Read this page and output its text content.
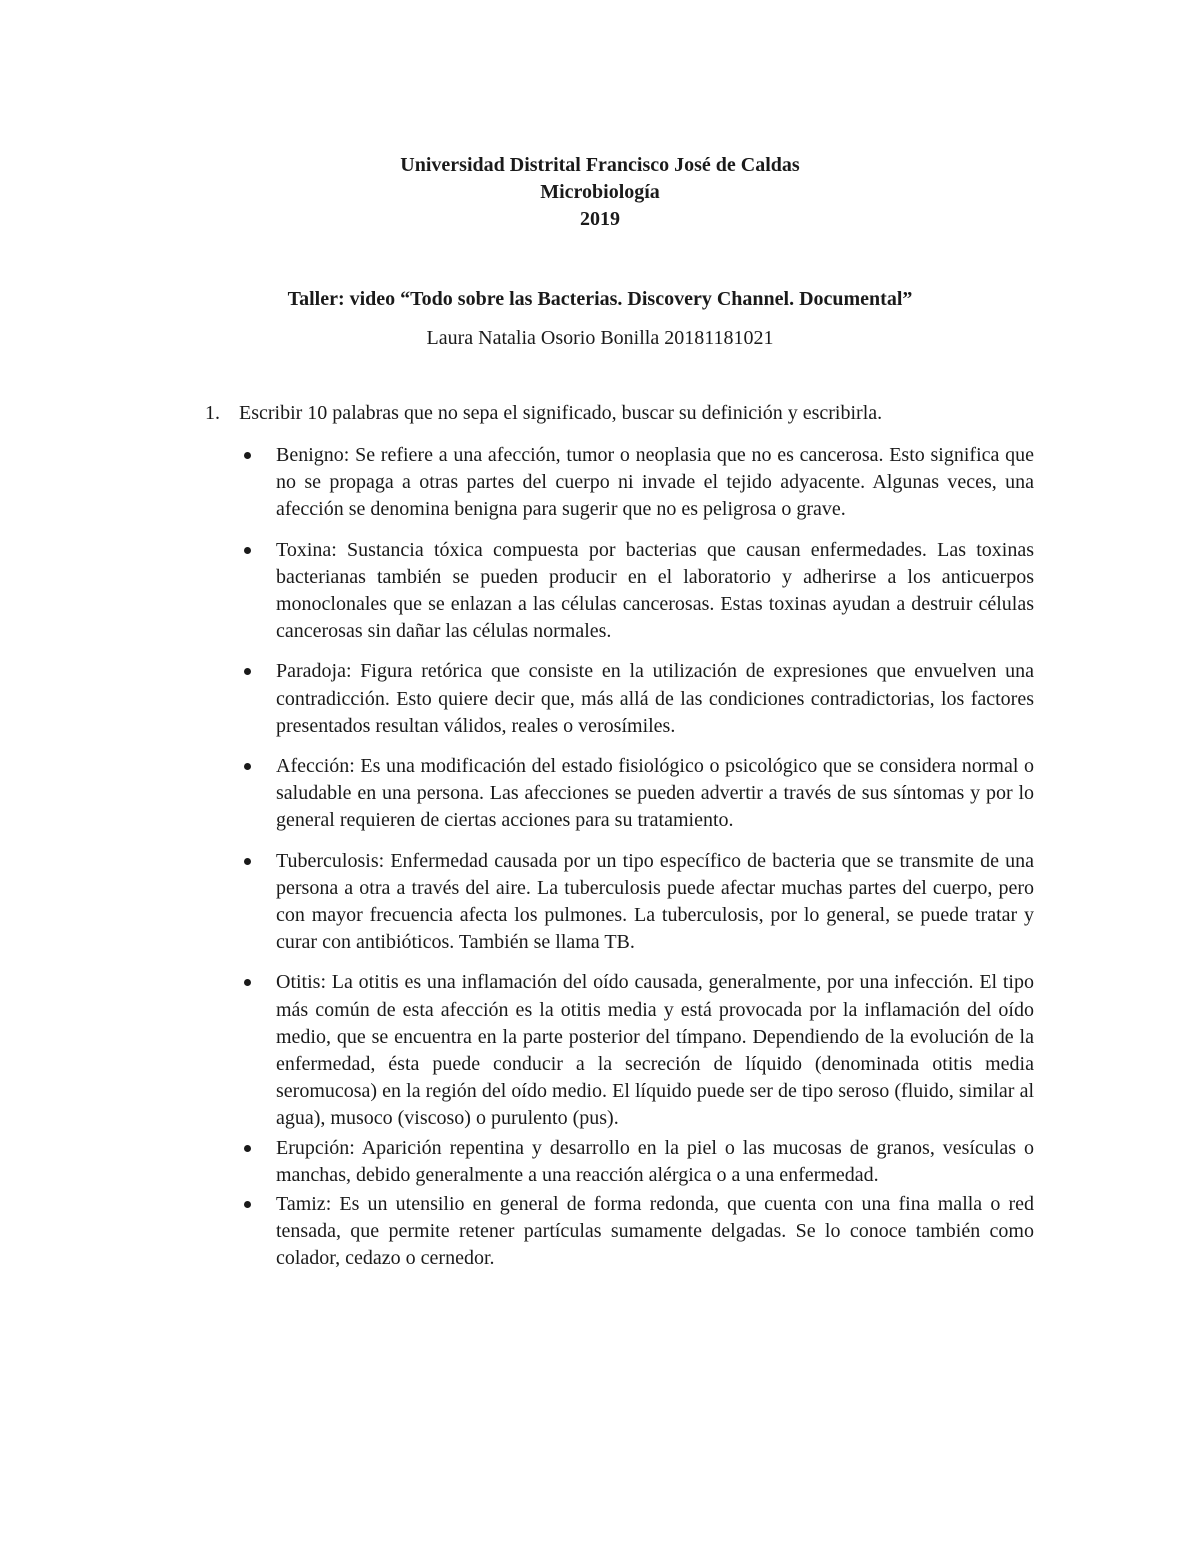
Universidad Distrital Francisco José de Caldas
Microbiología
2019
Taller: video “Todo sobre las Bacterias. Discovery Channel. Documental”
Laura Natalia Osorio Bonilla 20181181021
1. Escribir 10 palabras que no sepa el significado, buscar su definición y escribirla.
Benigno: Se refiere a una afección, tumor o neoplasia que no es cancerosa. Esto significa que no se propaga a otras partes del cuerpo ni invade el tejido adyacente. Algunas veces, una afección se denomina benigna para sugerir que no es peligrosa o grave.
Toxina: Sustancia tóxica compuesta por bacterias que causan enfermedades. Las toxinas bacterianas también se pueden producir en el laboratorio y adherirse a los anticuerpos monoclonales que se enlazan a las células cancerosas. Estas toxinas ayudan a destruir células cancerosas sin dañar las células normales.
Paradoja: Figura retórica que consiste en la utilización de expresiones que envuelven una contradicción. Esto quiere decir que, más allá de las condiciones contradictorias, los factores presentados resultan válidos, reales o verosímiles.
Afección: Es una modificación del estado fisiológico o psicológico que se considera normal o saludable en una persona. Las afecciones se pueden advertir a través de sus síntomas y por lo general requieren de ciertas acciones para su tratamiento.
Tuberculosis: Enfermedad causada por un tipo específico de bacteria que se transmite de una persona a otra a través del aire. La tuberculosis puede afectar muchas partes del cuerpo, pero con mayor frecuencia afecta los pulmones. La tuberculosis, por lo general, se puede tratar y curar con antibióticos. También se llama TB.
Otitis: La otitis es una inflamación del oído causada, generalmente, por una infección. El tipo más común de esta afección es la otitis media y está provocada por la inflamación del oído medio, que se encuentra en la parte posterior del tímpano. Dependiendo de la evolución de la enfermedad, ésta puede conducir a la secreción de líquido (denominada otitis media seromucosa) en la región del oído medio. El líquido puede ser de tipo seroso (fluido, similar al agua), musoco (viscoso) o purulento (pus).
Erupción: Aparición repentina y desarrollo en la piel o las mucosas de granos, vesículas o manchas, debido generalmente a una reacción alérgica o a una enfermedad.
Tamiz: Es un utensilio en general de forma redonda, que cuenta con una fina malla o red tensada, que permite retener partículas sumamente delgadas. Se lo conoce también como colador, cedazo o cernedor.
